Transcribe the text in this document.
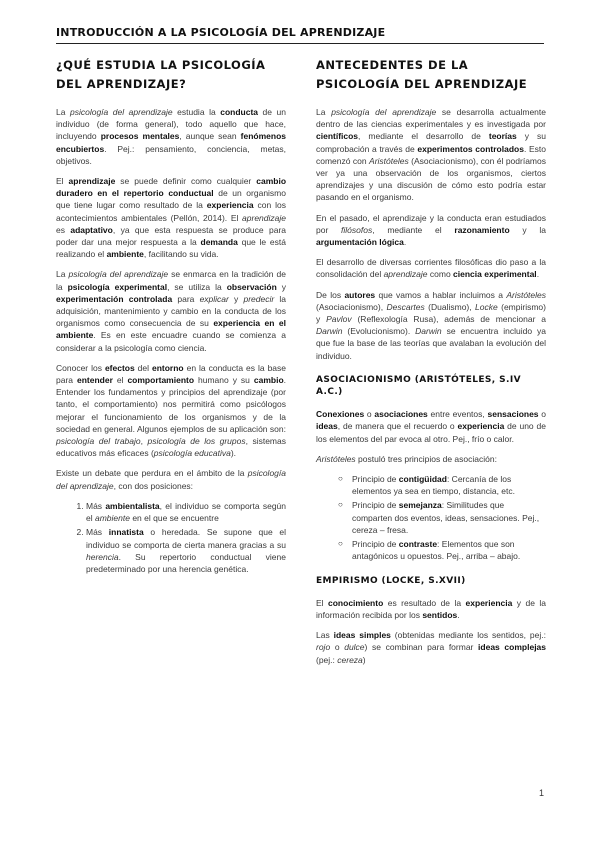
INTRODUCCIÓN A LA PSICOLOGÍA DEL APRENDIZAJE
¿QUÉ ESTUDIA LA PSICOLOGÍA DEL APRENDIZAJE?

La psicología del aprendizaje estudia la conducta de un individuo (de forma general), todo aquello que hace, incluyendo procesos mentales, aunque sean fenómenos encubiertos. Pej.: pensamiento, conciencia, metas, objetivos.

El aprendizaje se puede definir como cualquier cambio duradero en el repertorio conductual de un organismo que tiene lugar como resultado de la experiencia con los acontecimientos ambientales (Pellón, 2014). El aprendizaje es adaptativo, ya que esta respuesta se produce para poder dar una mejor respuesta a la demanda que le está realizando el ambiente, facilitando su vida.

La psicología del aprendizaje se enmarca en la tradición de la psicología experimental, se utiliza la observación y experimentación controlada para explicar y predecir la adquisición, mantenimiento y cambio en la conducta de los organismos como consecuencia de su experiencia en el ambiente. Es en este encuadre cuando se comienza a considerar a la psicología como ciencia.

Conocer los efectos del entorno en la conducta es la base para entender el comportamiento humano y su cambio. Entender los fundamentos y principios del aprendizaje (por tanto, el comportamiento) nos permitirá como psicólogos mejorar el funcionamiento de los organismos y de la sociedad en general. Algunos ejemplos de su aplicación son: psicología del trabajo, psicología de los grupos, sistemas educativos más eficaces (psicología educativa).

Existe un debate que perdura en el ámbito de la psicología del aprendizaje, con dos posiciones:

1. Más ambientalista, el individuo se comporta según el ambiente en el que se encuentre
2. Más innatista o heredada. Se supone que el individuo se comporta de cierta manera gracias a su herencia. Su repertorio conductual viene predeterminado por una herencia genética.
ANTECEDENTES DE LA PSICOLOGÍA DEL APRENDIZAJE

La psicología del aprendizaje se desarrolla actualmente dentro de las ciencias experimentales y es investigada por científicos, mediante el desarrollo de teorías y su comprobación a través de experimentos controlados. Esto comenzó con Aristóteles (Asociacionismo), con él podríamos ver ya una observación de los organismos, ciertos aprendizajes y una discusión de cómo esto podría estar pasando en el organismo.

En el pasado, el aprendizaje y la conducta eran estudiados por filósofos, mediante el razonamiento y la argumentación lógica.

El desarrollo de diversas corrientes filosóficas dio paso a la consolidación del aprendizaje como ciencia experimental.

De los autores que vamos a hablar incluimos a Aristóteles (Asociacionismo), Descartes (Dualismo), Locke (empirismo) y Pavlov (Reflexología Rusa), además de mencionar a Darwin (Evolucionismo). Darwin se encuentra incluido ya que fue la base de las teorías que avalaban la evolución del individuo.

ASOCIACIONISMO (ARISTÓTELES, S.IV A.C.)

Conexiones o asociaciones entre eventos, sensaciones o ideas, de manera que el recuerdo o experiencia de uno de los elementos del par evoca al otro. Pej., frío o calor.

Aristóteles postuló tres principios de asociación:

○ Principio de contigüidad: Cercanía de los elementos ya sea en tiempo, distancia, etc.
○ Principio de semejanza: Similitudes que comparten dos eventos, ideas, sensaciones. Pej., cereza – fresa.
○ Principio de contraste: Elementos que son antagónicos u opuestos. Pej., arriba – abajo.
EMPIRISMO (LOCKE, S.XVII)

El conocimiento es resultado de la experiencia y de la información recibida por los sentidos.

Las ideas simples (obtenidas mediante los sentidos, pej.: rojo o dulce) se combinan para formar ideas complejas (pej.: cereza)

1
